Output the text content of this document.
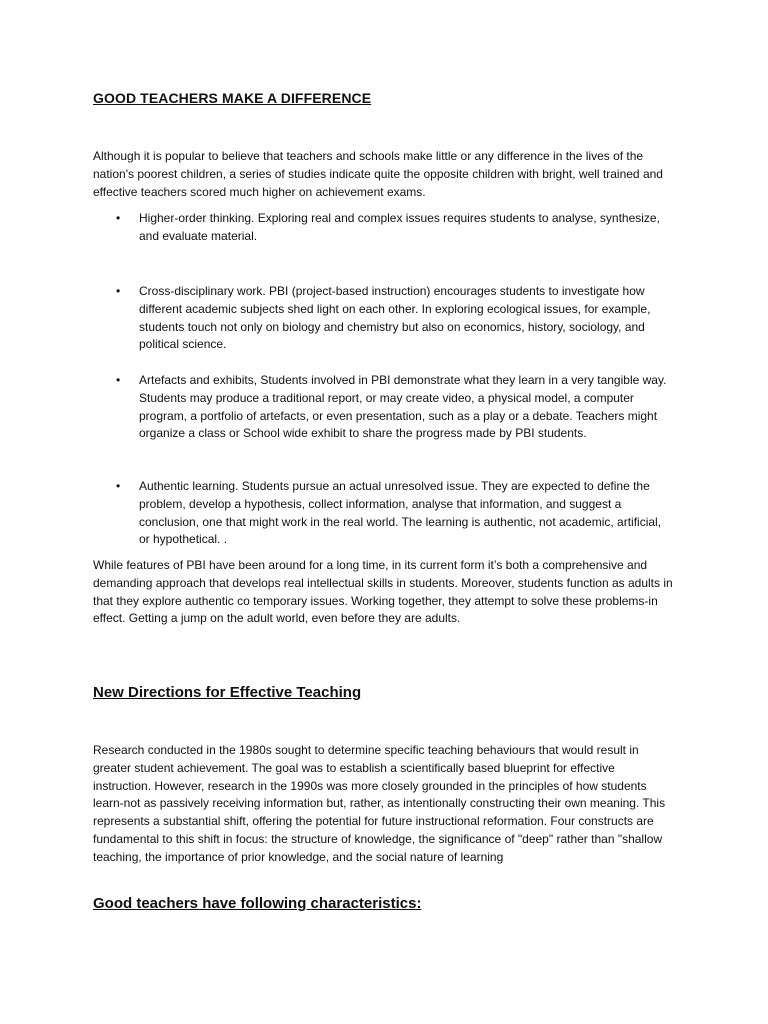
GOOD TEACHERS MAKE A DIFFERENCE

Although it is popular to believe that teachers and schools make little or any difference in the lives of the nation's poorest children, a series of studies indicate quite the opposite children with bright, well trained and effective teachers scored much higher on achievement exams.

• Higher-order thinking. Exploring real and complex issues requires students to analyse, synthesize, and evaluate material.
• Cross-disciplinary work. PBI (project-based instruction) encourages students to investigate how different academic subjects shed light on each other. In exploring ecological issues, for example, students touch not only on biology and chemistry but also on economics, history, sociology, and political science.
• Artefacts and exhibits, Students involved in PBI demonstrate what they learn in a very tangible way. Students may produce a traditional report, or may create video, a physical model, a computer program, a portfolio of artefacts, or even presentation, such as a play or a debate. Teachers might organize a class or School wide exhibit to share the progress made by PBI students.
• Authentic learning. Students pursue an actual unresolved issue. They are expected to define the problem, develop a hypothesis, collect information, analyse that information, and suggest a conclusion, one that might work in the real world. The learning is authentic, not academic, artificial, or hypothetical. .

While features of PBI have been around for a long time, in its current form it’s both a comprehensive and demanding approach that develops real intellectual skills in students. Moreover, students function as adults in that they explore authentic co temporary issues. Working together, they attempt to solve these problems-in effect. Getting a jump on the adult world, even before they are adults.

New Directions for Effective Teaching

Research conducted in the 1980s sought to determine specific teaching behaviours that would result in greater student achievement. The goal was to establish a scientifically based blueprint for effective instruction. However, research in the 1990s was more closely grounded in the principles of how students learn-not as passively receiving information but, rather, as intentionally constructing their own meaning. This represents a substantial shift, offering the potential for future instructional reformation. Four constructs are fundamental to this shift in focus: the structure of knowledge, the significance of "deep" rather than "shallow teaching, the importance of prior knowledge, and the social nature of learning

Good teachers have following characteristics:
